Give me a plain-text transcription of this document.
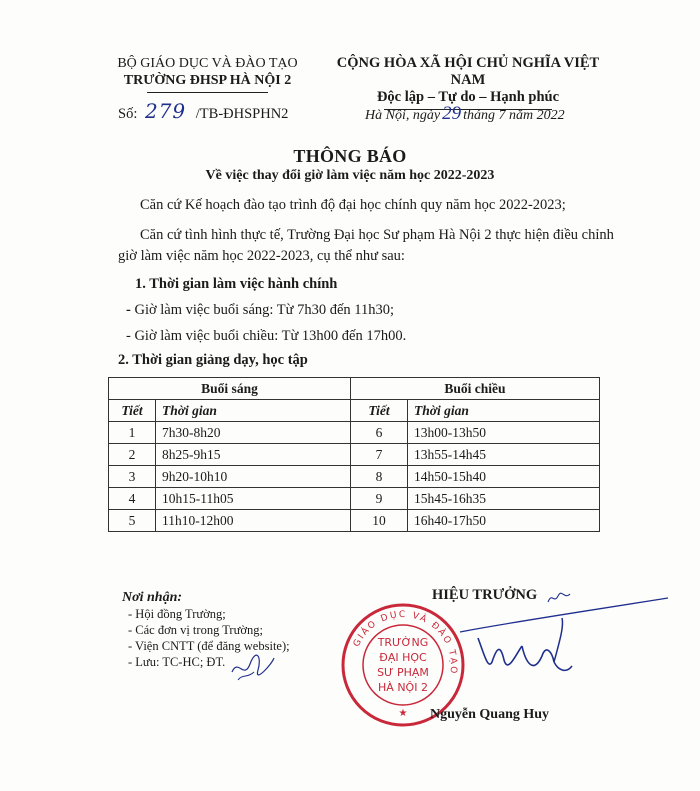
BỘ GIÁO DỤC VÀ ĐÀO TẠO
TRƯỜNG ĐHSP HÀ NỘI 2
CỘNG HÒA XÃ HỘI CHỦ NGHĨA VIỆT NAM
Độc lập – Tự do – Hạnh phúc
Số: 279 /TB-ĐHSPHN2	Hà Nội, ngày 29 tháng 7 năm 2022
THÔNG BÁO
Về việc thay đổi giờ làm việc năm học 2022-2023
Căn cứ Kế hoạch đào tạo trình độ đại học chính quy năm học 2022-2023;
Căn cứ tình hình thực tế, Trường Đại học Sư phạm Hà Nội 2 thực hiện điều chỉnh
giờ làm việc năm học 2022-2023, cụ thể như sau:
1. Thời gian làm việc hành chính
- Giờ làm việc buổi sáng: Từ 7h30 đến 11h30;
- Giờ làm việc buổi chiều: Từ 13h00 đến 17h00.
2. Thời gian giảng dạy, học tập
Buổi sáng		Buổi chiều	
Tiết	Thời gian	Tiết	Thời gian
1	7h30-8h20	6	13h00-13h50
2	8h25-9h15	7	13h55-14h45
3	9h20-10h10	8	14h50-15h40
4	10h15-11h05	9	15h45-16h35
5	11h10-12h00	10	16h40-17h50
Nơi nhận:
- Hội đồng Trường;
- Các đơn vị trong Trường;
- Viện CNTT (để đăng website);
- Lưu: TC-HC; ĐT.
HIỆU TRƯỞNG
GIÁO DỤC VÀ ĐÀO TẠO
TRƯỜNG
ĐẠI HỌC
SƯ PHẠM
HÀ NỘI 2
★ Nguyễn Quang Huy
